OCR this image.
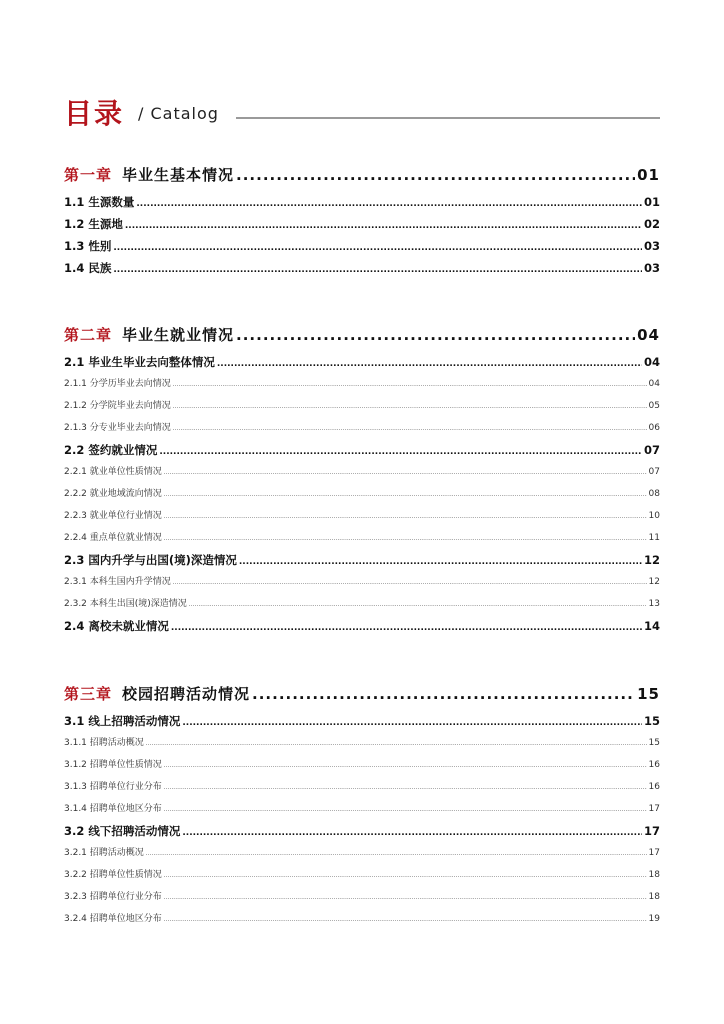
目录 / Catalog
第一章 毕业生基本情况 .....	01
1.1 生源数量 .....	01
1.2 生源地 .....	02
1.3 性别 .....	03
1.4 民族 .....	03
第二章 毕业生就业情况 .....	04
2.1 毕业生毕业去向整体情况 .....	04
2.1.1 分学历毕业去向情况 .....	04
2.1.2 分学院毕业去向情况 .....	05
2.1.3 分专业毕业去向情况 .....	06
2.2 签约就业情况 .....	07
2.2.1 就业单位性质情况 .....	07
2.2.2 就业地域流向情况 .....	08
2.2.3 就业单位行业情况 .....	10
2.2.4 重点单位就业情况 .....	11
2.3 国内升学与出国(境)深造情况 .....	12
2.3.1 本科生国内升学情况 .....	12
2.3.2 本科生出国(境)深造情况 .....	13
2.4 离校未就业情况 .....	14
第三章 校园招聘活动情况 .....	15
3.1 线上招聘活动情况 .....	15
3.1.1 招聘活动概况 .....	15
3.1.2 招聘单位性质情况 .....	16
3.1.3 招聘单位行业分布 .....	16
3.1.4 招聘单位地区分布 .....	17
3.2 线下招聘活动情况 .....	17
3.2.1 招聘活动概况 .....	17
3.2.2 招聘单位性质情况 .....	18
3.2.3 招聘单位行业分布 .....	18
3.2.4 招聘单位地区分布 .....	19
